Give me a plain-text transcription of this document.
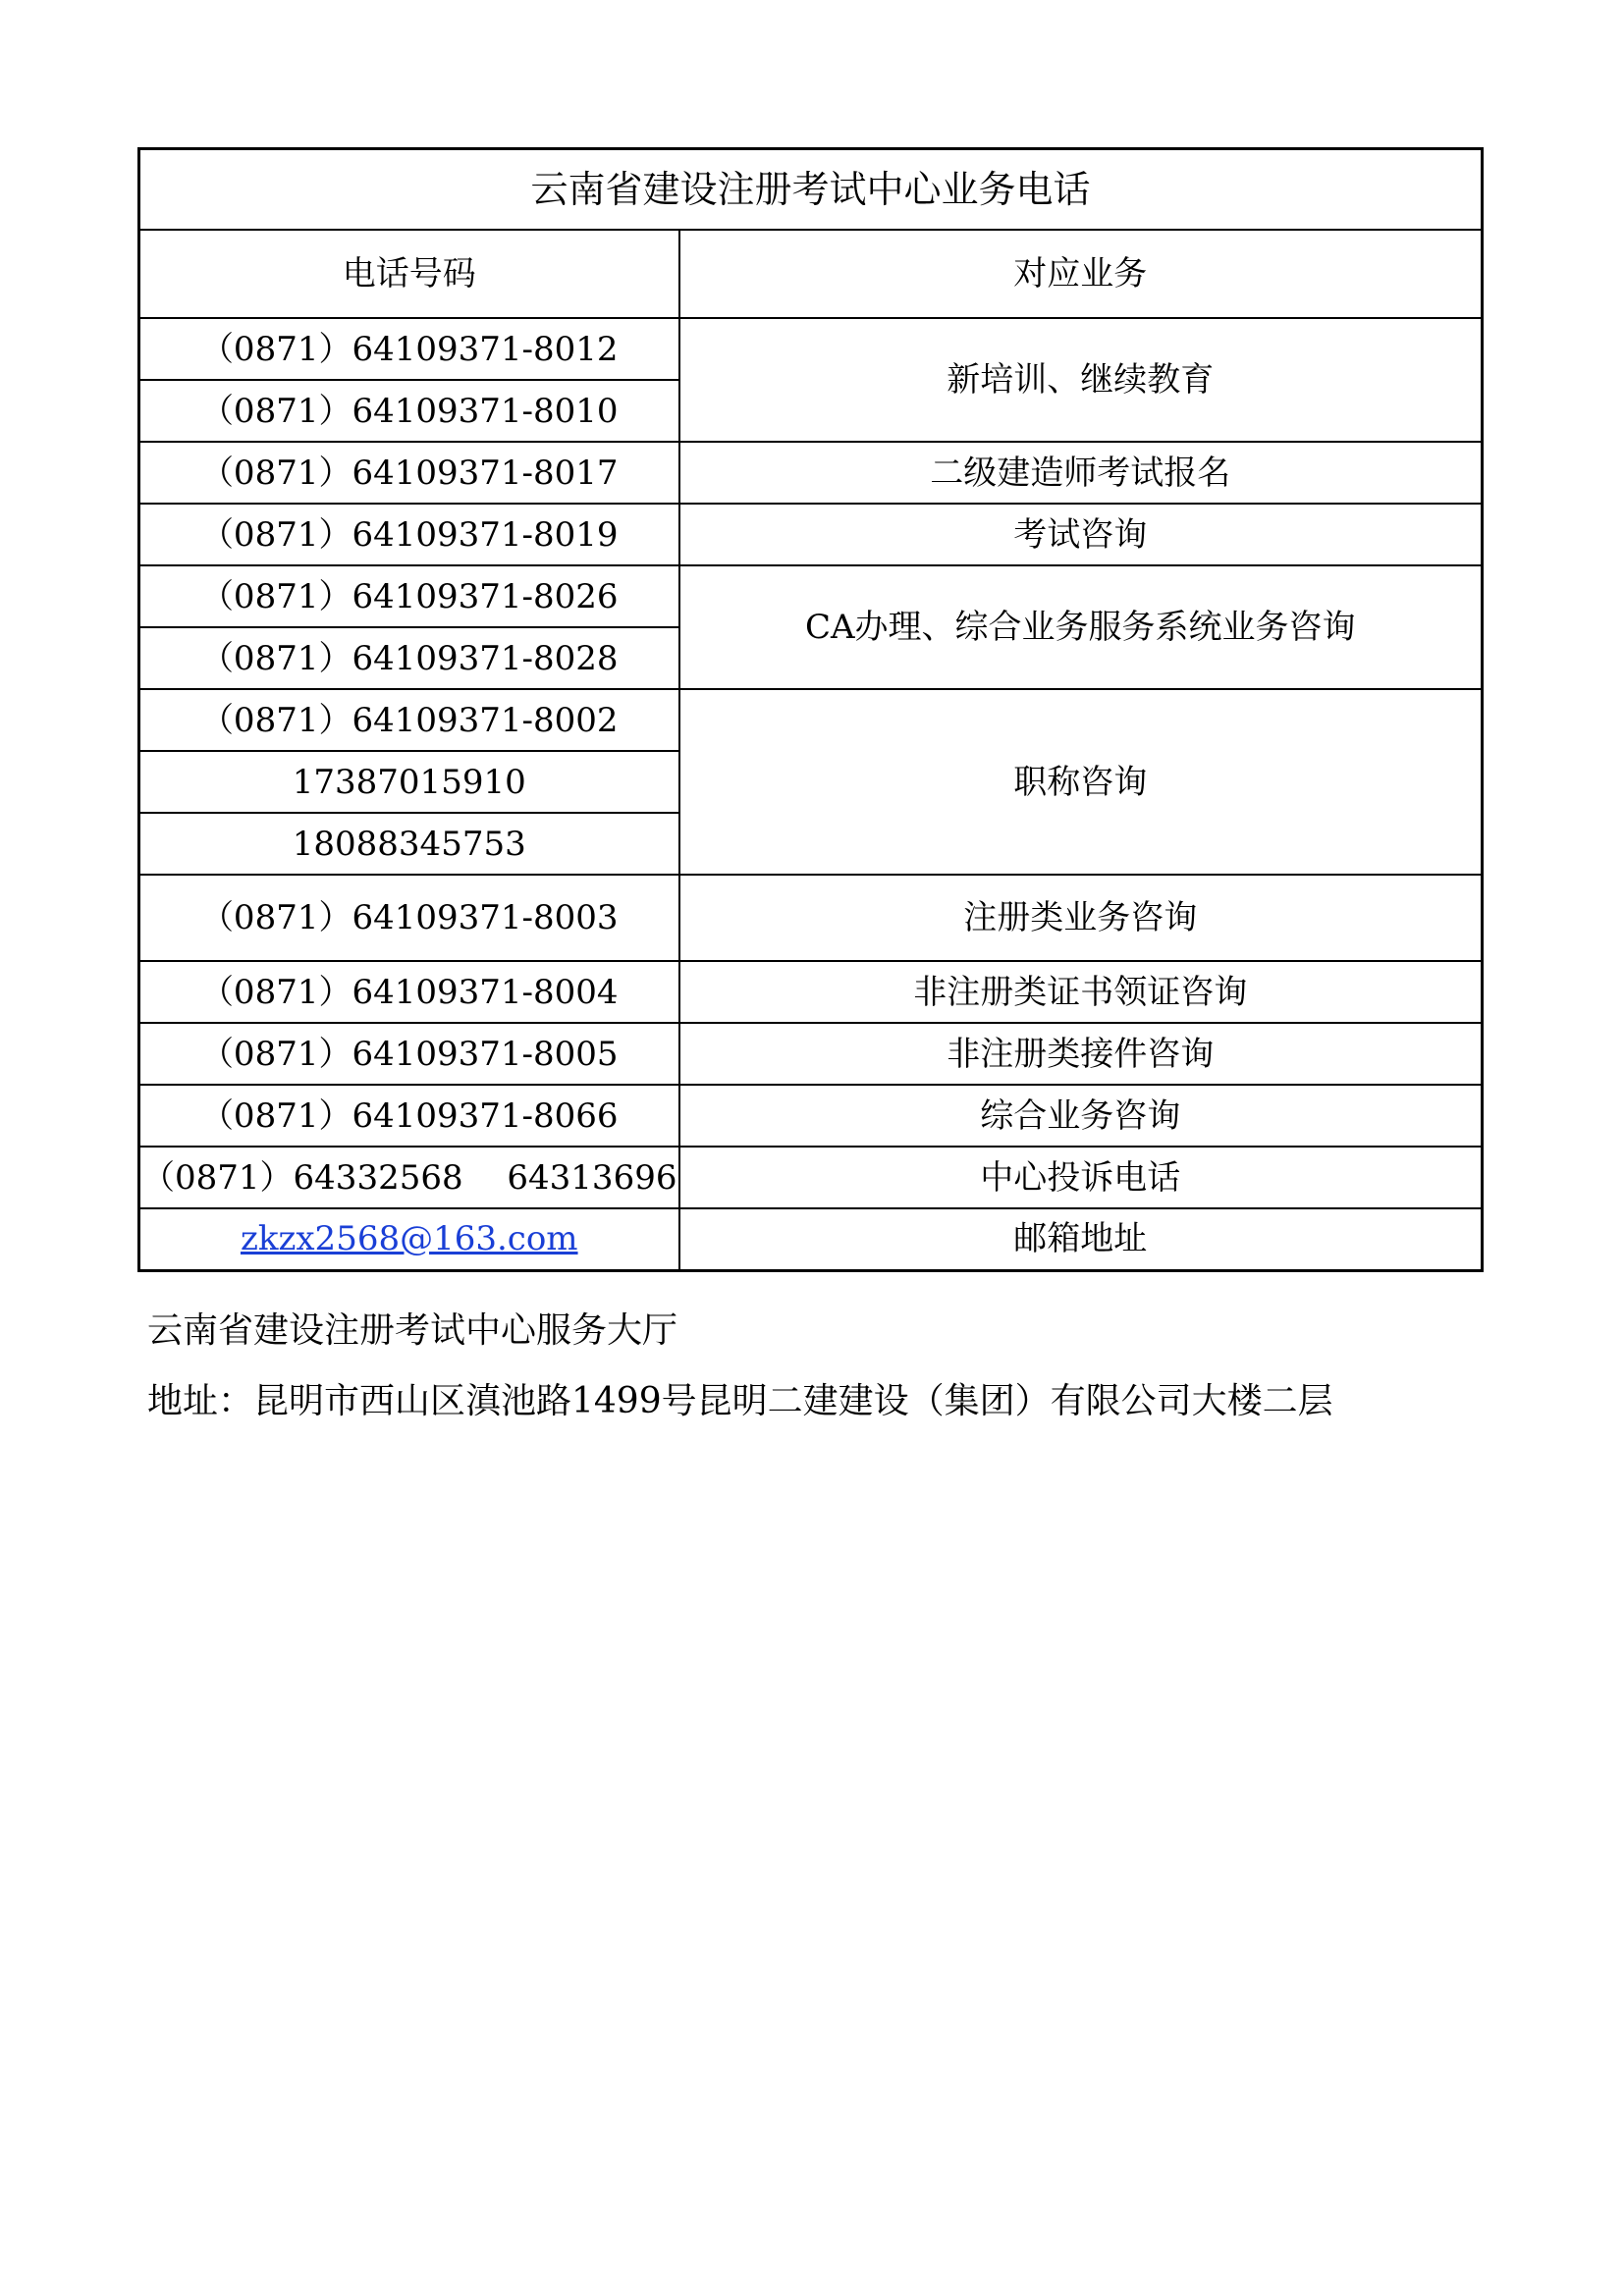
云南省建设注册考试中心业务电话	
电话号码	对应业务
（0871）64109371-8012	新培训、继续教育
（0871）64109371-8010	
（0871）64109371-8017	二级建造师考试报名
（0871）64109371-8019	考试咨询
（0871）64109371-8026	CA办理、综合业务服务系统业务咨询
（0871）64109371-8028	
（0871）64109371-8002	职称咨询
17387015910	
18088345753	
（0871）64109371-8003	注册类业务咨询
（0871）64109371-8004	非注册类证书领证咨询
（0871）64109371-8005	非注册类接件咨询
（0871）64109371-8066	综合业务咨询
（0871）64332568　 64313696	中心投诉电话
zkzx2568@163.com	邮箱地址
云南省建设注册考试中心服务大厅
地址：昆明市西山区滇池路1499号昆明二建建设（集团）有限公司大楼二层
